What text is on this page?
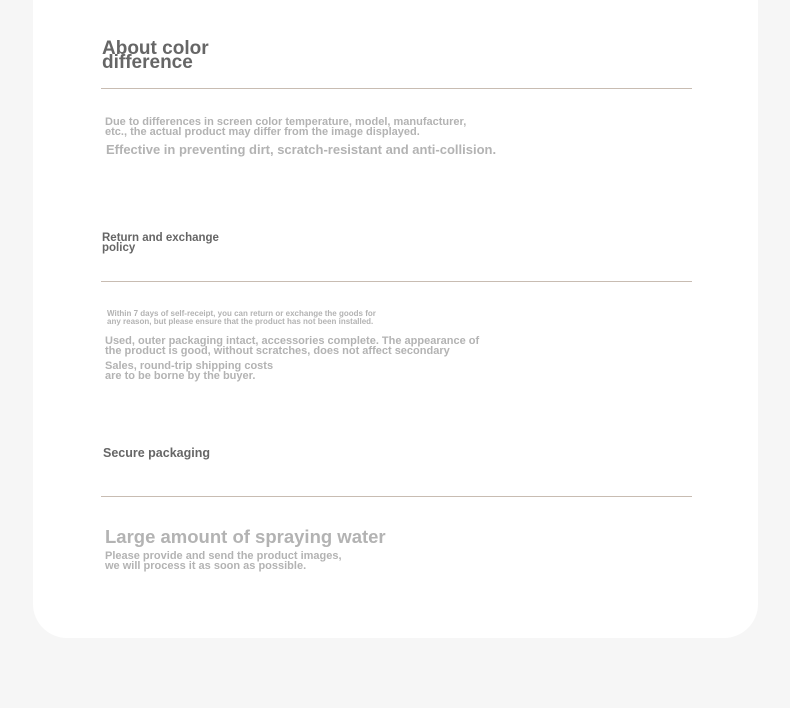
About color
difference

Due to differences in screen color temperature, model, manufacturer,
etc., the actual product may differ from the image displayed.

Effective in preventing dirt, scratch-resistant and anti-collision.

Return and exchange
policy

Within 7 days of self-receipt, you can return or exchange the goods for
any reason, but please ensure that the product has not been installed.

Used, outer packaging intact, accessories complete. The appearance of
the product is good, without scratches, does not affect secondary

Sales, round-trip shipping costs
are to be borne by the buyer.

Secure packaging

Large amount of spraying water

Please provide and send the product images,
we will process it as soon as possible.
